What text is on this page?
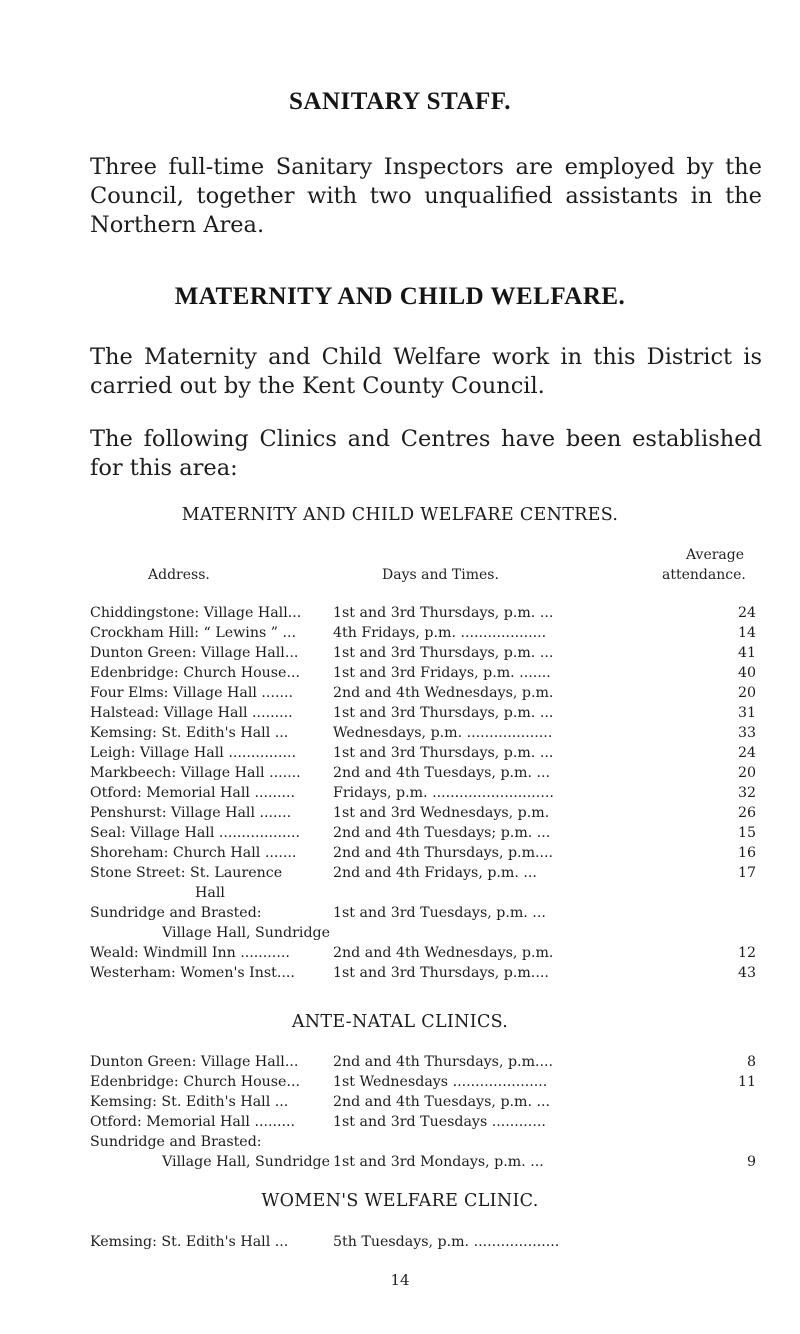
SANITARY STAFF.
Three full-time Sanitary Inspectors are employed by the
Council, together with two unqualified assistants in the
Northern Area.
MATERNITY AND CHILD WELFARE.
The Maternity and Child Welfare work in this District is
carried out by the Kent County Council.
The following Clinics and Centres have been established
for this area:
MATERNITY AND CHILD WELFARE CENTRES.
Address.	Days and Times.
Average
attendance.
Chiddingstone: Village Hall...	1st and 3rd Thursdays, p.m. ...	24
Crockham Hill: “ Lewins ” ...	4th Fridays, p.m. ...................	14
Dunton Green: Village Hall...	1st and 3rd Thursdays, p.m. ...	41
Edenbridge: Church House...	1st and 3rd Fridays, p.m. .......	40
Four Elms: Village Hall .......	2nd and 4th Wednesdays, p.m.	20
Halstead: Village Hall .........	1st and 3rd Thursdays, p.m. ...	31
Kemsing: St. Edith's Hall ...	Wednesdays, p.m. ...................	33
Leigh: Village Hall ...............	1st and 3rd Thursdays, p.m. ...	24
Markbeech: Village Hall .......	2nd and 4th Tuesdays, p.m. ...	20
Otford: Memorial Hall .........	Fridays, p.m. ...........................	32
Penshurst: Village Hall .......	1st and 3rd Wednesdays, p.m.	26
Seal: Village Hall ..................	2nd and 4th Tuesdays; p.m. ...	15
Shoreham: Church Hall .......	2nd and 4th Thursdays, p.m....	16
Stone Street: St. Laurence	2nd and 4th Fridays, p.m. ...	17
Hall
Sundridge and Brasted:	1st and 3rd Tuesdays, p.m. ...
Village Hall, Sundridge
Weald: Windmill Inn ...........	2nd and 4th Wednesdays, p.m.	12
Westerham: Women's Inst....	1st and 3rd Thursdays, p.m....	43
ANTE-NATAL CLINICS.
Dunton Green: Village Hall...	2nd and 4th Thursdays, p.m....	8
Edenbridge: Church House...	1st Wednesdays .....................	11
Kemsing: St. Edith's Hall ...	2nd and 4th Tuesdays, p.m. ...
Otford: Memorial Hall .........	1st and 3rd Tuesdays ............
Sundridge and Brasted:
Village Hall, Sundridge 1st and 3rd Mondays, p.m. ...	9
WOMEN'S WELFARE CLINIC.
Kemsing: St. Edith's Hall ...	5th Tuesdays, p.m. ...................
14
